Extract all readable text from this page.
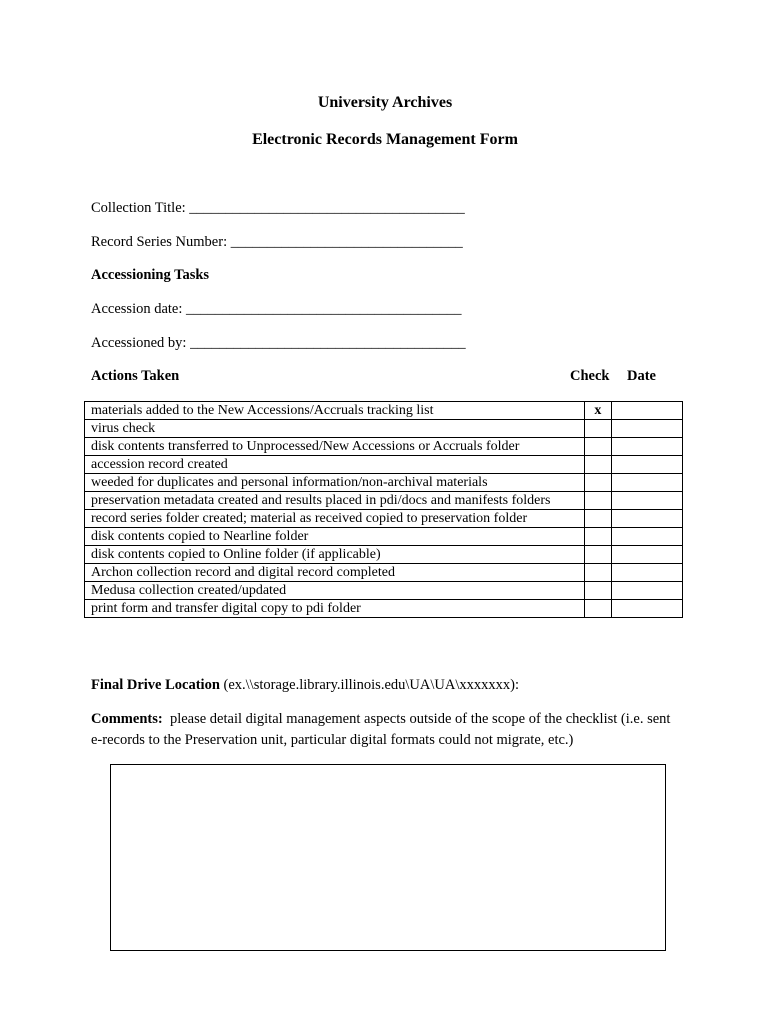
University Archives
Electronic Records Management Form
Collection Title: ______________________________________
Record Series Number: ________________________________
Accessioning Tasks
Accession date: ______________________________________
Accessioned by: ______________________________________
Actions Taken	Check Date
materials added to the New Accessions/Accruals tracking list	x	
virus check		
disk contents transferred to Unprocessed/New Accessions or Accruals folder		
accession record created		
weeded for duplicates and personal information/non-archival materials		
preservation metadata created and results placed in pdi/docs and manifests folders		
record series folder created; material as received copied to preservation folder		
disk contents copied to Nearline folder		
disk contents copied to Online folder (if applicable)		
Archon collection record and digital record completed		
Medusa collection created/updated		
print form and transfer digital copy to pdi folder		
Final Drive Location (ex.\\storage.library.illinois.edu\UA\UA\xxxxxxx):
Comments:  please detail digital management aspects outside of the scope of the checklist (i.e. sent e-records to the Preservation unit, particular digital formats could not migrate, etc.)
